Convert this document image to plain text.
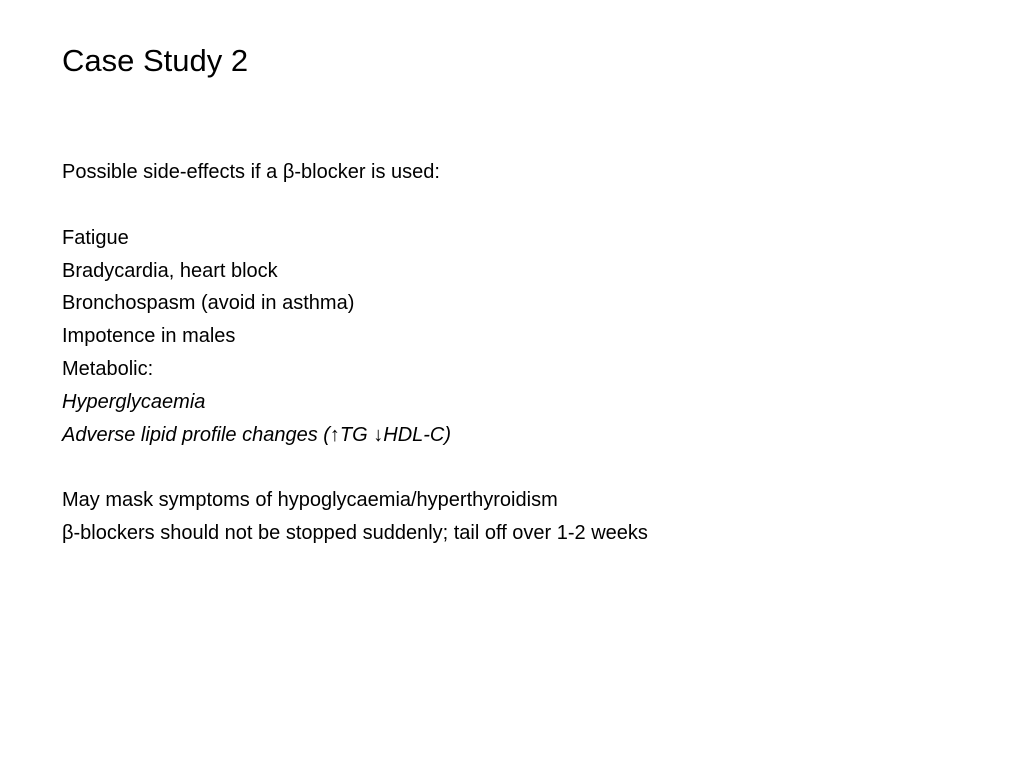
Case Study 2
Possible side-effects if a β-blocker is used:
Fatigue
Bradycardia, heart block
Bronchospasm (avoid in asthma)
Impotence in males
Metabolic:
Hyperglycaemia
Adverse lipid profile changes (↑TG ↓HDL-C)
May mask symptoms of hypoglycaemia/hyperthyroidism
β-blockers should not be stopped suddenly; tail off over 1-2 weeks
